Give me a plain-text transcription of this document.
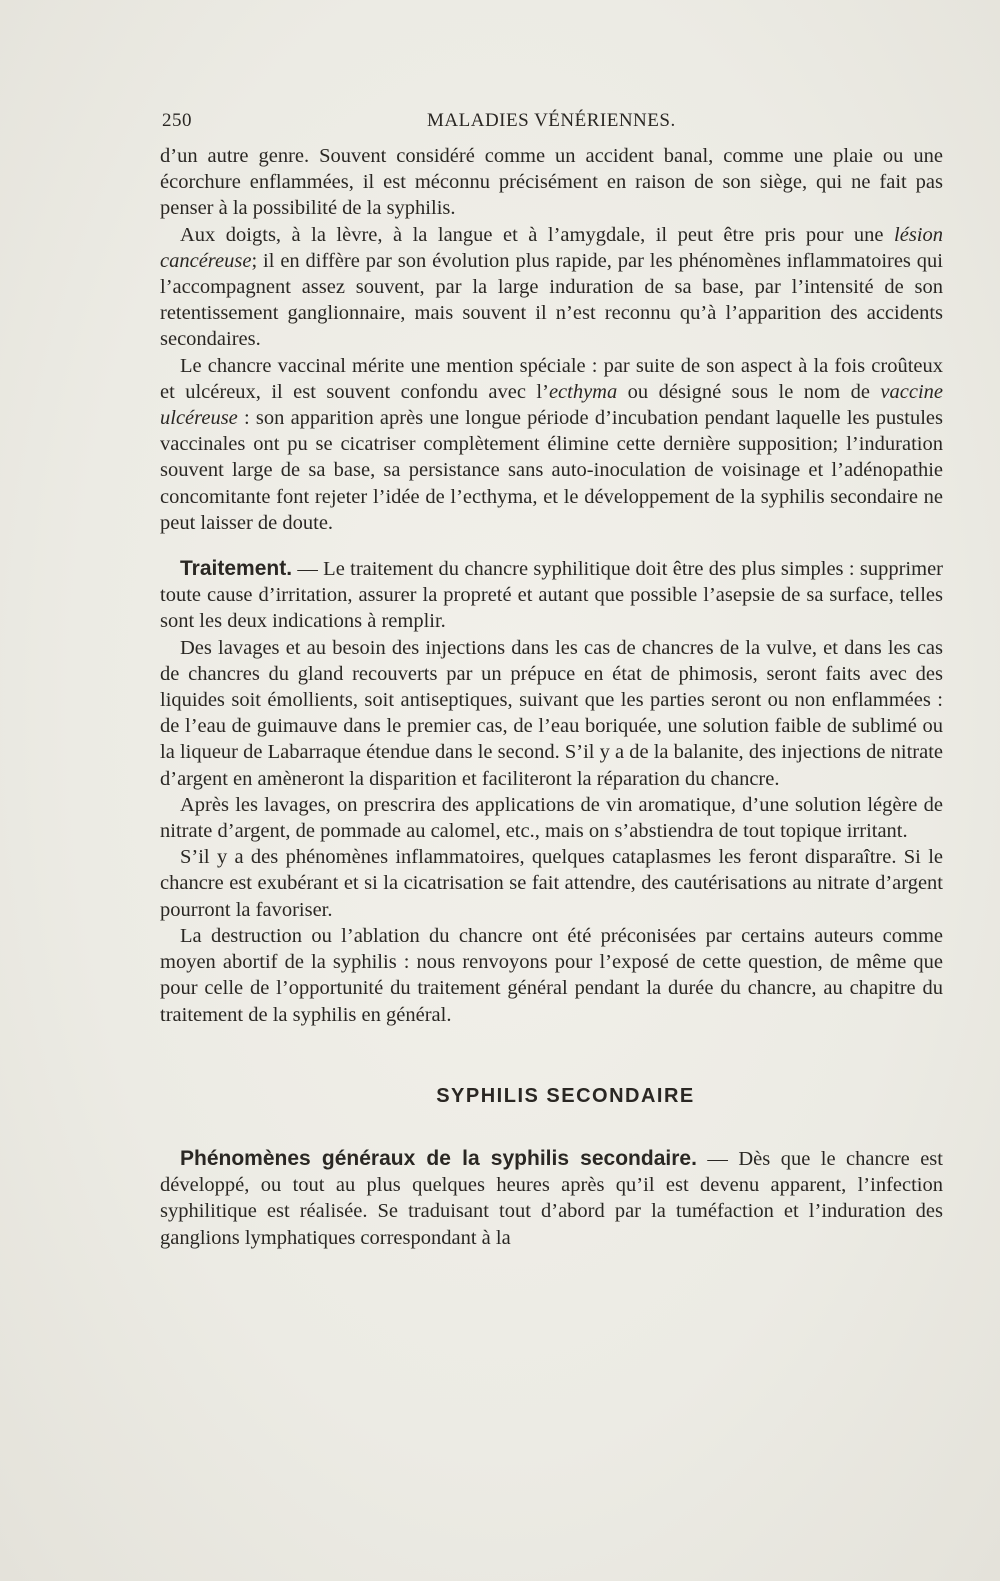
250	MALADIES VÉNÉRIENNES.

d’un autre genre. Souvent considéré comme un accident banal, comme une plaie ou une écorchure enflammées, il est méconnu précisément en raison de son siège, qui ne fait pas penser à la possibilité de la syphilis.

Aux doigts, à la lèvre, à la langue et à l’amygdale, il peut être pris pour une lésion cancéreuse; il en diffère par son évolution plus rapide, par les phénomènes inflammatoires qui l’accompagnent assez souvent, par la large induration de sa base, par l’intensité de son retentissement ganglionnaire, mais souvent il n’est reconnu qu’à l’apparition des accidents secondaires.

Le chancre vaccinal mérite une mention spéciale : par suite de son aspect à la fois croûteux et ulcéreux, il est souvent confondu avec l’ecthyma ou désigné sous le nom de vaccine ulcéreuse : son apparition après une longue période d’incubation pendant laquelle les pustules vaccinales ont pu se cicatriser complètement élimine cette dernière supposition; l’induration souvent large de sa base, sa persistance sans auto-inoculation de voisinage et l’adénopathie concomitante font rejeter l’idée de l’ecthyma, et le développement de la syphilis secondaire ne peut laisser de doute.

Traitement. — Le traitement du chancre syphilitique doit être des plus simples : supprimer toute cause d’irritation, assurer la propreté et autant que possible l’asepsie de sa surface, telles sont les deux indications à remplir.

Des lavages et au besoin des injections dans les cas de chancres de la vulve, et dans les cas de chancres du gland recouverts par un prépuce en état de phimosis, seront faits avec des liquides soit émollients, soit antiseptiques, suivant que les parties seront ou non enflammées : de l’eau de guimauve dans le premier cas, de l’eau boriquée, une solution faible de sublimé ou la liqueur de Labarraque étendue dans le second. S’il y a de la balanite, des injections de nitrate d’argent en amèneront la disparition et faciliteront la réparation du chancre.

Après les lavages, on prescrira des applications de vin aromatique, d’une solution légère de nitrate d’argent, de pommade au calomel, etc., mais on s’abstiendra de tout topique irritant.

S’il y a des phénomènes inflammatoires, quelques cataplasmes les feront disparaître. Si le chancre est exubérant et si la cicatrisation se fait attendre, des cautérisations au nitrate d’argent pourront la favoriser.

La destruction ou l’ablation du chancre ont été préconisées par certains auteurs comme moyen abortif de la syphilis : nous renvoyons pour l’exposé de cette question, de même que pour celle de l’opportunité du traitement général pendant la durée du chancre, au chapitre du traitement de la syphilis en général.

SYPHILIS SECONDAIRE

Phénomènes généraux de la syphilis secondaire. — Dès que le chancre est développé, ou tout au plus quelques heures après qu’il est devenu apparent, l’infection syphilitique est réalisée. Se traduisant tout d’abord par la tuméfaction et l’induration des ganglions lymphatiques correspondant à la
